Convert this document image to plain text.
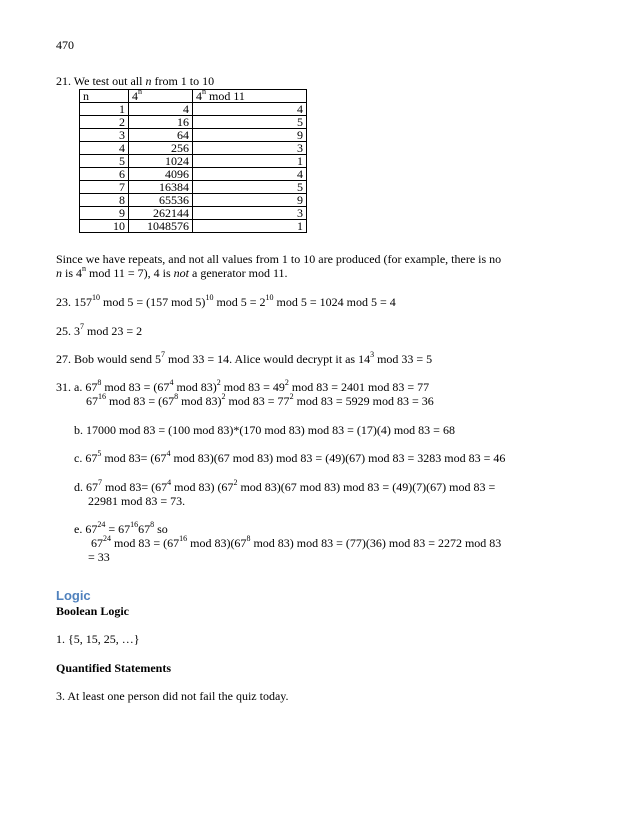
470
21. We test out all n from 1 to 10
n	4$^n$	4$^n$ mod 11
1	4	4
2	16	5
3	64	9
4	256	3
5	1024	1
6	4096	4
7	16384	5
8	65536	9
9	262144	3
10	1048576	1
Since we have repeats, and not all values from 1 to 10 are produced (for example, there is no
n is 4$^n$ mod 11 = 7), 4 is not a generator mod 11.
23. $157^{10}$ mod 5 = (157 mod 5)$^{10}$ mod $5 = 2^{10}$ mod 5 = 1024 mod 5 = 4
25. $3^7$ mod 23 = 2
27. Bob would send $5^7$ mod 33 = 14. Alice would decrypt it as $14^3$ mod 33 = 5
31. a. $67^8$ mod $83 = (67^4$ mod 83)$^2$ mod $83 = 49^2$ mod 83 = 2401 mod 83 = 77
$67^{16}$ mod $83 = (67^8$ mod 83)$^2$ mod $83 = 77^2$ mod 83 = 5929 mod 83 = 36
b. 17000 mod 83 = (100 mod 83)*(170 mod 83) mod 83 = (17)(4) mod 83 = 68
c. $67^5$ mod $83= (67^4$ mod 83)(67 mod 83) mod 83 = (49)(67) mod 83 = 3283 mod 83 = 46
d. $67^7$ mod $83= (67^4$ mod 83) ($67^2$ mod 83)(67 mod 83) mod 83 = (49)(7)(67) mod 83 =
22981 mod 83 = 73.
e. $67^{24} = 67^{16}67^8$ so
$67^{24}$ mod $83 = (67^{16}$ mod $83)(67^8$ mod 83) mod 83 = (77)(36) mod 83 = 2272 mod 83
= 33
Logic
Boolean Logic
1. {5, 15, 25, …}
Quantified Statements
3. At least one person did not fail the quiz today.
